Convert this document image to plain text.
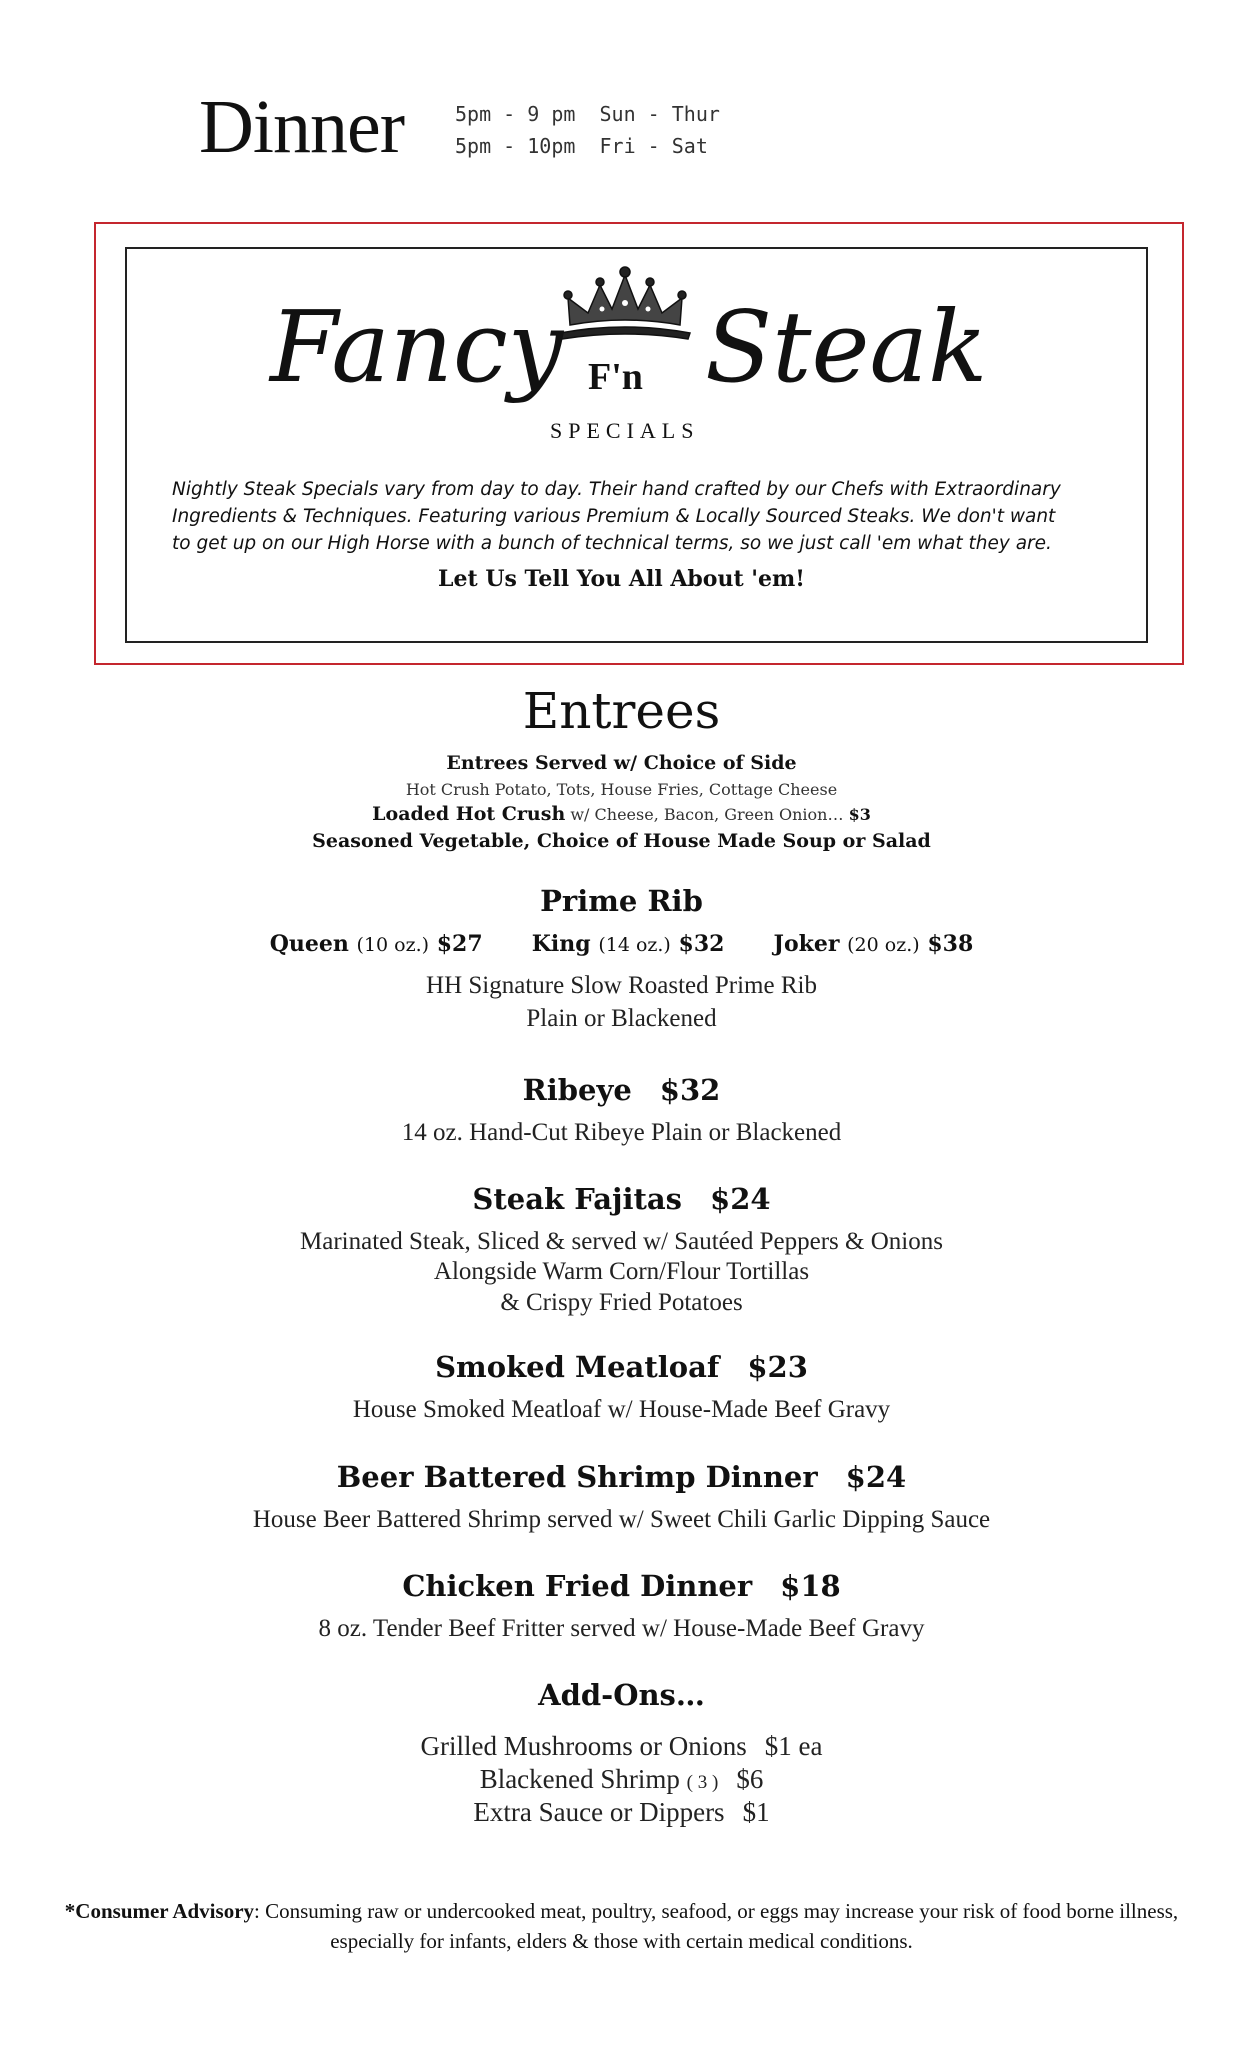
Dinner	5pm - 9 pm  Sun - Thur
5pm - 10pm  Fri - Sat
Fancy F'n Steak
SPECIALS
Nightly Steak Specials vary from day to day. Their hand crafted by our Chefs with Extraordinary Ingredients & Techniques. Featuring various Premium & Locally Sourced Steaks. We don't want to get up on our High Horse with a bunch of technical terms, so we just call 'em what they are.
Let Us Tell You All About 'em!
Entrees
Entrees Served w/ Choice of Side
Hot Crush Potato, Tots, House Fries, Cottage Cheese
Loaded Hot Crush w/ Cheese, Bacon, Green Onion… $3
Seasoned Vegetable, Choice of House Made Soup or Salad
Prime Rib
Queen (10 oz.) $27 King (14 oz.) $32 Joker (20 oz.) $38
HH Signature Slow Roasted Prime Rib
Plain or Blackened
Ribeye $32
14 oz. Hand-Cut Ribeye Plain or Blackened
Steak Fajitas $24
Marinated Steak, Sliced & served w/ Sautéed Peppers & Onions
Alongside Warm Corn/Flour Tortillas
& Crispy Fried Potatoes
Smoked Meatloaf $23
House Smoked Meatloaf w/ House-Made Beef Gravy
Beer Battered Shrimp Dinner $24
House Beer Battered Shrimp served w/ Sweet Chili Garlic Dipping Sauce
Chicken Fried Dinner $18
8 oz. Tender Beef Fritter served w/ House-Made Beef Gravy
Add-Ons…
Grilled Mushrooms or Onions $1 ea
Blackened Shrimp ( 3 ) $6
Extra Sauce or Dippers $1
*Consumer Advisory: Consuming raw or undercooked meat, poultry, seafood, or eggs may increase your risk of food borne illness, especially for infants, elders & those with certain medical conditions.
